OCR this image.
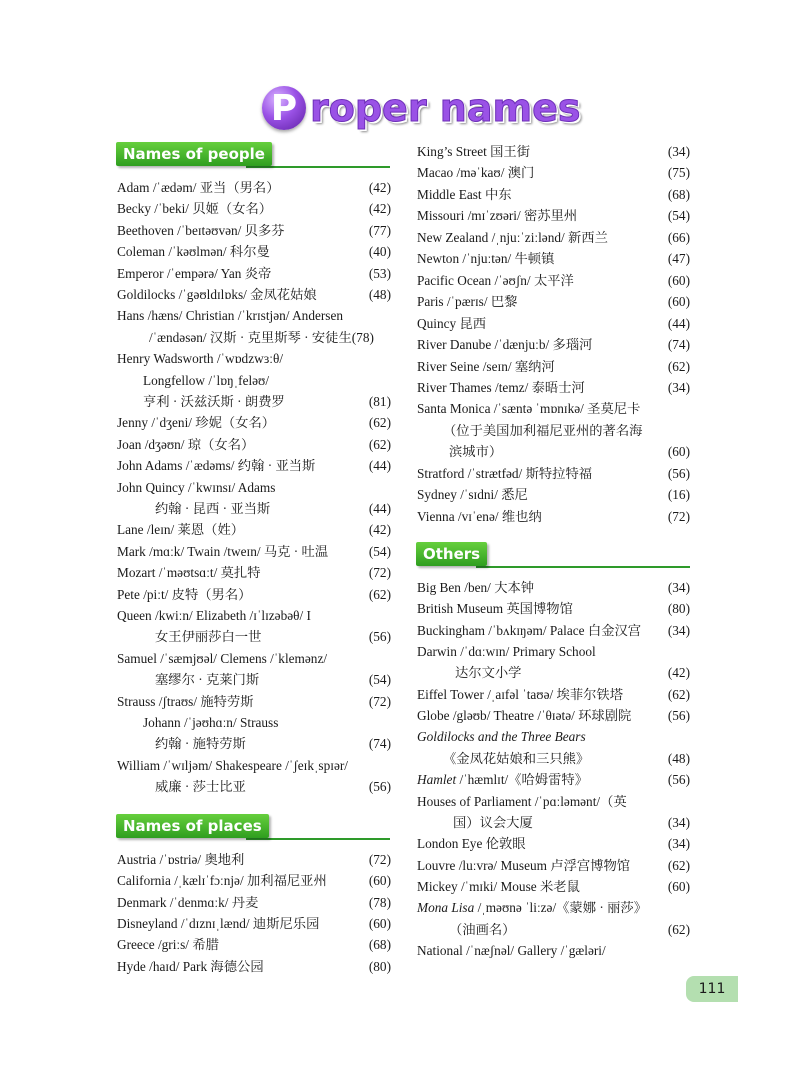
P roper names
Names of people
Names of places
Others
Adam /ˈædəm/ 亚当（男名）	(42)
Becky /ˈbeki/ 贝姬（女名）	(42)
Beethoven /ˈbeɪtəʊvən/ 贝多芬	(77)
Coleman /ˈkəʊlmən/ 科尔曼	(40)
Emperor /ˈempərə/ Yan 炎帝	(53)
Goldilocks /ˈgəʊldɪlɒks/ 金凤花姑娘	(48)
Hans /hæns/ Christian /ˈkrɪstjən/ Andersen
/ˈændəsən/ 汉斯 · 克里斯琴 · 安徒生(78)
Henry Wadsworth /ˈwɒdzwɜːθ/
Longfellow /ˈlɒŋˌfeləʊ/
亨利 · 沃兹沃斯 · 朗费罗	(81)
Jenny /ˈdʒeni/ 珍妮（女名）	(62)
Joan /dʒəʊn/ 琼（女名）	(62)
John Adams /ˈædəms/ 约翰 · 亚当斯	(44)
John Quincy /ˈkwɪnsɪ/ Adams
约翰 · 昆西 · 亚当斯	(44)
Lane /leɪn/ 莱恩（姓）	(42)
Mark /mɑːk/ Twain /tweɪn/ 马克 · 吐温	(54)
Mozart /ˈməʊtsɑːt/ 莫扎特	(72)
Pete /piːt/ 皮特（男名）	(62)
Queen /kwiːn/ Elizabeth /ɪˈlɪzəbəθ/ I
女王伊丽莎白一世	(56)
Samuel /ˈsæmjʊəl/ Clemens /ˈklemənz/
塞缪尔 · 克莱门斯	(54)
Strauss /ʃtraʊs/ 施特劳斯	(72)
Johann /ˈjəʊhɑːn/ Strauss
约翰 · 施特劳斯	(74)
William /ˈwɪljəm/ Shakespeare /ˈʃeɪkˌspɪər/
威廉 · 莎士比亚	(56)
Austria /ˈɒstriə/ 奥地利	(72)
California /ˌkælɪˈfɔːnjə/ 加利福尼亚州	(60)
Denmark /ˈdenmɑːk/ 丹麦	(78)
Disneyland /ˈdɪznɪˌlænd/ 迪斯尼乐园	(60)
Greece /griːs/ 希腊	(68)
Hyde /haɪd/ Park 海德公园	(80)
King’s Street 国王街	(34)
Macao /məˈkaʊ/ 澳门	(75)
Middle East 中东	(68)
Missouri /mɪˈzʊəri/ 密苏里州	(54)
New Zealand /ˌnjuːˈziːlənd/ 新西兰	(66)
Newton /ˈnjuːtən/ 牛顿镇	(47)
Pacific Ocean /ˈəʊʃn/ 太平洋	(60)
Paris /ˈpærɪs/ 巴黎	(60)
Quincy 昆西	(44)
River Danube /ˈdænjuːb/ 多瑙河	(74)
River Seine /seɪn/ 塞纳河	(62)
River Thames /temz/ 泰晤士河	(34)
Santa Monica /ˈsæntə ˈmɒnɪkə/ 圣莫尼卡
（位于美国加利福尼亚州的著名海
滨城市）	(60)
Stratford /ˈstrætfəd/ 斯特拉特福	(56)
Sydney /ˈsɪdni/ 悉尼	(16)
Vienna /vɪˈenə/ 维也纳	(72)
Big Ben /ben/ 大本钟	(34)
British Museum 英国博物馆	(80)
Buckingham /ˈbʌkɪŋəm/ Palace 白金汉宫 (34)
Darwin /ˈdɑːwɪn/ Primary School
达尔文小学	(42)
Eiffel Tower /ˌaɪfəl ˈtaʊə/ 埃菲尔铁塔	(62)
Globe /gləʊb/ Theatre /ˈθɪətə/ 环球剧院	(56)
Goldilocks and the Three Bears
《金凤花姑娘和三只熊》	(48)
Hamlet /ˈhæmlɪt/《哈姆雷特》	(56)
Houses of Parliament /ˈpɑːləmənt/（英
国）议会大厦	(34)
London Eye 伦敦眼	(34)
Louvre /luːvrə/ Museum 卢浮宫博物馆	(62)
Mickey /ˈmɪki/ Mouse 米老鼠	(60)
Mona Lisa /ˌməʊnə ˈliːzə/《蒙娜 · 丽莎》
（油画名）	(62)
National /ˈnæʃnəl/ Gallery /ˈgæləri/
111
